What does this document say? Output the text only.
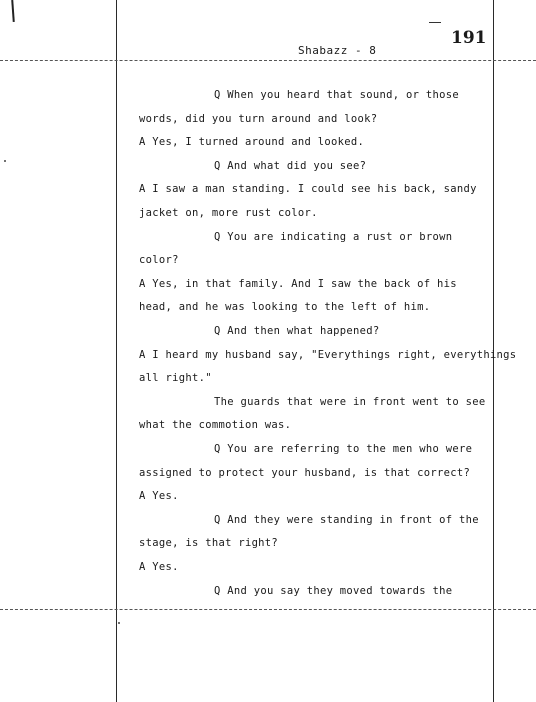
Shabazz - 8
191
Q When you heard that sound, or those
words, did you turn around and look?
A Yes, I turned around and looked.
Q And what did you see?
A I saw a man standing. I could see his back, sandy
jacket on, more rust color.
Q You are indicating a rust or brown
color?
A Yes, in that family. And I saw the back of his
head, and he was looking to the left of him.
Q And then what happened?
A I heard my husband say, "Everythings right, everythings
all right."
The guards that were in front went to see
what the commotion was.
Q You are referring to the men who were
assigned to protect your husband, is that correct?
A Yes.
Q And they were standing in front of the
stage, is that right?
A Yes.
Q And you say they moved towards the
